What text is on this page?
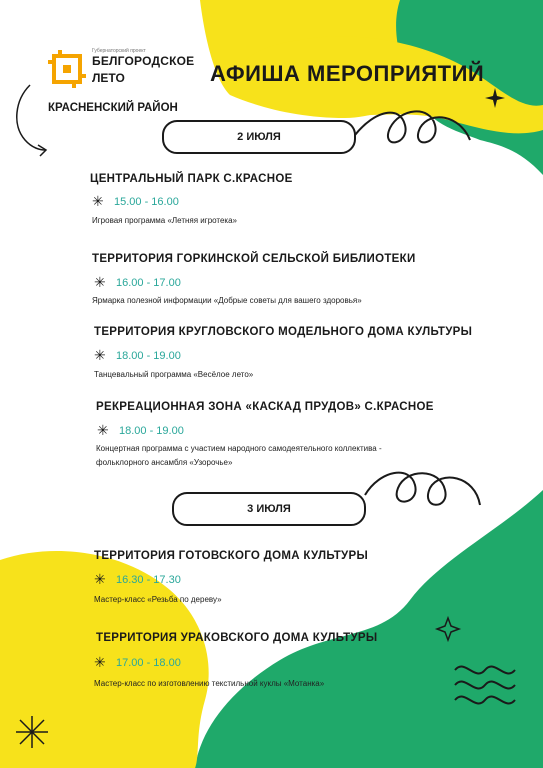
Губернаторский проект
БЕЛГОРОДСКОЕ
ЛЕТО
КРАСНЕНСКИЙ РАЙОН
АФИША МЕРОПРИЯТИЙ
2 ИЮЛЯ
ЦЕНТРАЛЬНЫЙ ПАРК С.КРАСНОЕ
✳ 15.00 - 16.00
Игровая программа «Летняя игротека»
ТЕРРИТОРИЯ ГОРКИНСКОЙ СЕЛЬСКОЙ БИБЛИОТЕКИ
✳ 16.00 - 17.00
Ярмарка полезной информации «Добрые советы для вашего здоровья»
ТЕРРИТОРИЯ КРУГЛОВСКОГО МОДЕЛЬНОГО ДОМА КУЛЬТУРЫ
✳ 18.00 - 19.00
Танцевальный программа «Весёлое лето»
РЕКРЕАЦИОННАЯ ЗОНА «КАСКАД ПРУДОВ» С.КРАСНОЕ
✳ 18.00 - 19.00
Концертная программа с участием народного самодеятельного коллектива - фольклорного ансамбля «Узорочье»
3 ИЮЛЯ
ТЕРРИТОРИЯ ГОТОВСКОГО ДОМА КУЛЬТУРЫ
✳ 16.30 - 17.30
Мастер-класс «Резьба по дереву»
ТЕРРИТОРИЯ УРАКОВСКОГО ДОМА КУЛЬТУРЫ
✳ 17.00 - 18.00
Мастер-класс по изготовлению текстильной куклы «Мотанка»
